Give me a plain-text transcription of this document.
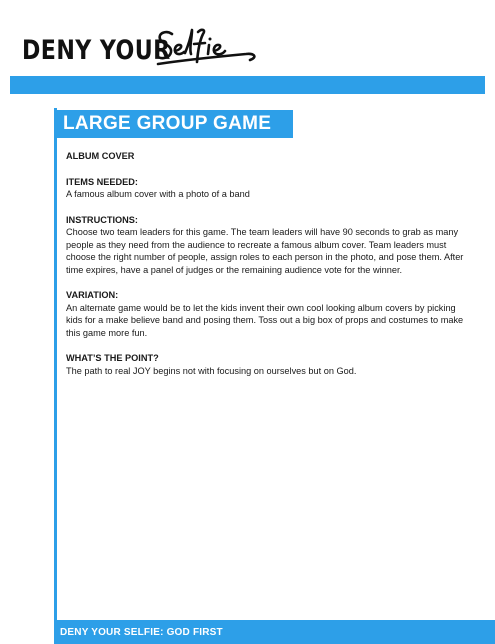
DENY YOUR
LARGE GROUP GAME

ALBUM COVER

ITEMS NEEDED:

A famous album cover with a photo of a band

INSTRUCTIONS:

Choose two team leaders for this game. The team leaders will have 90 seconds to grab as many people as they need from the audience to recreate a famous album cover. Team leaders must choose the right number of people, assign roles to each person in the photo, and pose them. After time expires, have a panel of judges or the remaining audience vote for the winner.

VARIATION:

An alternate game would be to let the kids invent their own cool looking album covers by picking kids for a make believe band and posing them. Toss out a big box of props and costumes to make this game more fun.

WHAT’S THE POINT?

The path to real JOY begins not with focusing on ourselves but on God.

DENY YOUR SELFIE: GOD FIRST
